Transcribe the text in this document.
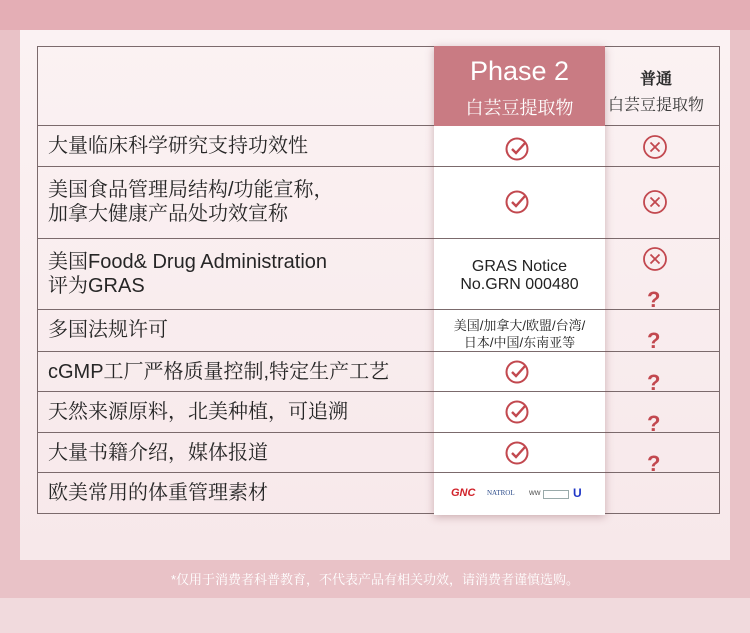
Phase 2
白芸豆提取物
普通
白芸豆提取物
大量临床科学研究支持功效性
美国食品管理局结构/功能宣称，
加拿大健康产品处功效宣称
美国Food& Drug Administration
评为GRAS
多国法规许可
cGMP工厂严格质量控制,特定生产工艺
天然来源原料，北美种植，可追溯
大量书籍介绍，媒体报道
欧美常用的体重管理素材
GRAS Notice
No.GRN 000480
美国/加拿大/欧盟/台湾/
日本/中国/东南亚等
GNC NATROL ww	U
?
?
?
?
?
*仅用于消费者科普教育，不代表产品有相关功效，请消费者谨慎选购。
